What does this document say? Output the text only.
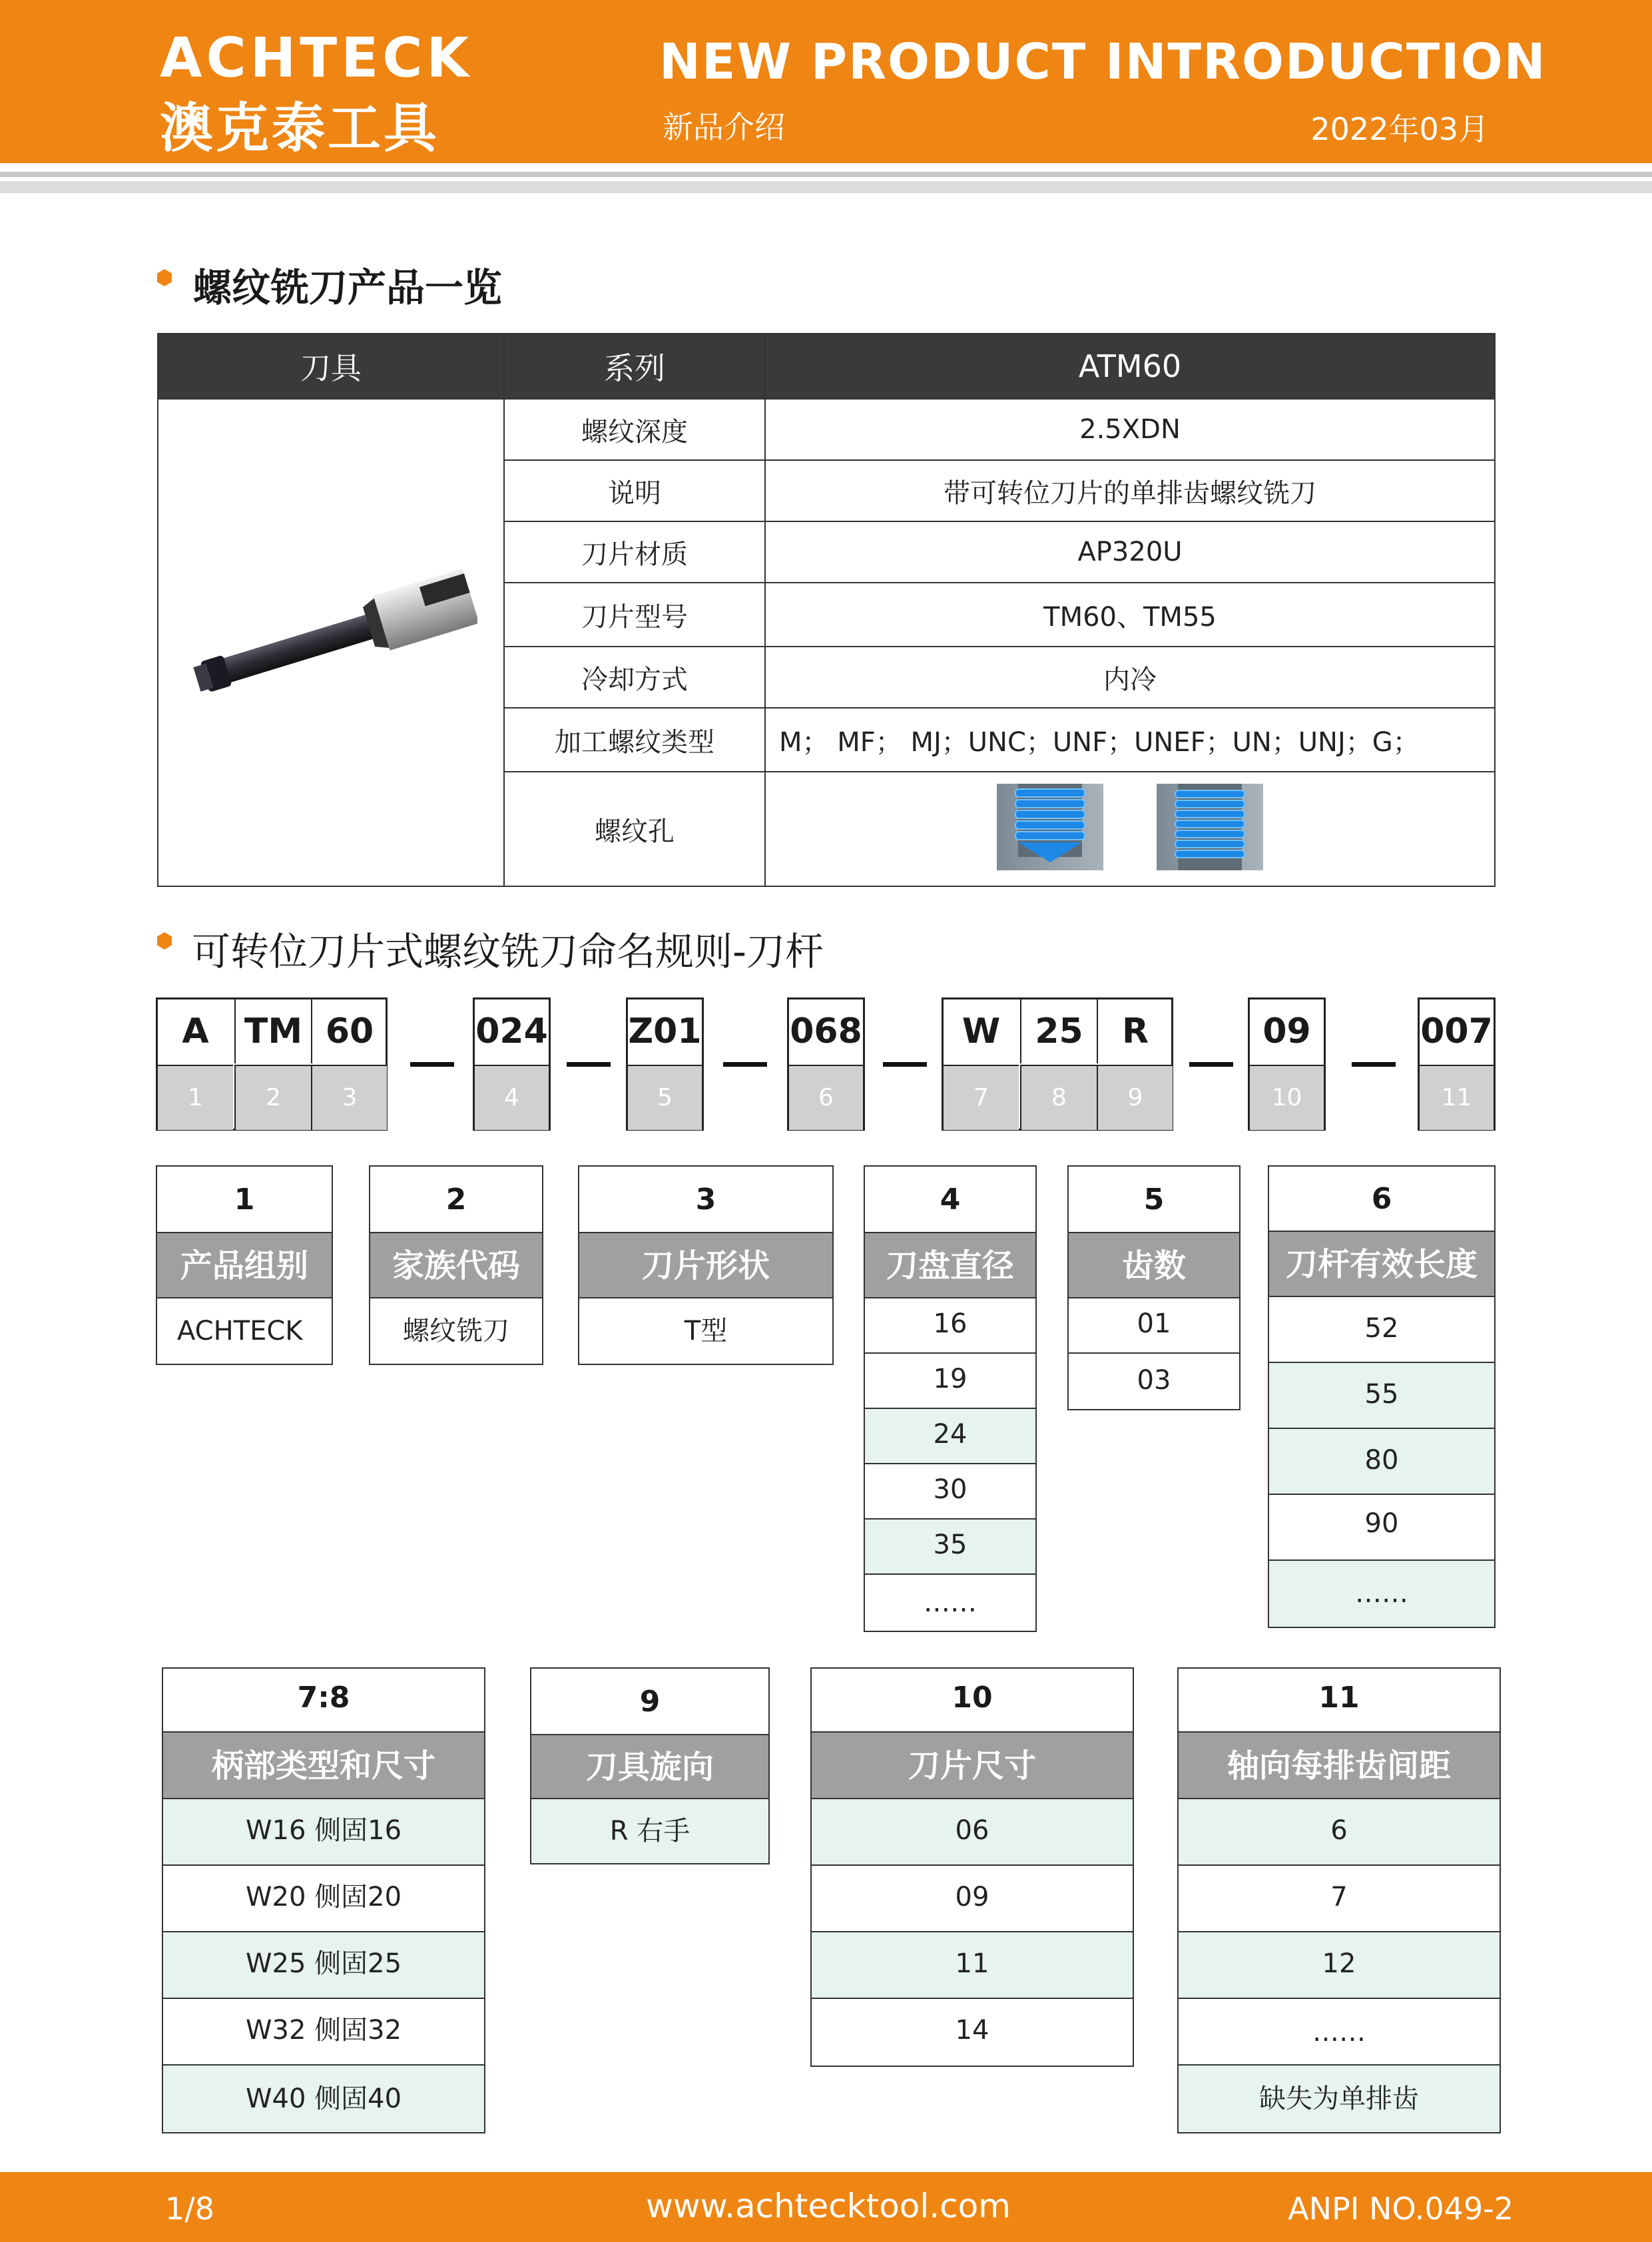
ACHTECK
澳克泰工具
NEW PRODUCT INTRODUCTION
新品介绍	2022年03月
螺纹铣刀产品一览
刀具	系列	ATM60
	螺纹深度	2.5XDN
	说明	带可转位刀片的单排齿螺纹铣刀
	刀片材质	AP320U
	刀片型号	TM60、TM55
	冷却方式	内冷
	加工螺纹类型	M； MF； MJ；UNC；UNF；UNEF；UN；UNJ；G；
	螺纹孔	
可转位刀片式螺纹铣刀命名规则-刀杆
A	TM 60	024 Z01	068	W	25	R	09	007
1	2	3	4	5	6	7	8	9	10	11
1
产品组别
ACHTECK
2
家族代码
螺纹铣刀
3
刀片形状
T型
4
刀盘直径
16
19
24
30
35
……
5
齿数
01
03
6
刀杆有效长度
52
55
80
90
……
7:8
柄部类型和尺寸
W16 侧固16
W20 侧固20
W25 侧固25
W32 侧固32
W40 侧固40
9
刀具旋向
R 右手
10
刀片尺寸
06
09
11
14
11
轴向每排齿间距
6
7
12
……
缺失为单排齿
1/8	www.achtecktool.com	ANPI NO.049-2
